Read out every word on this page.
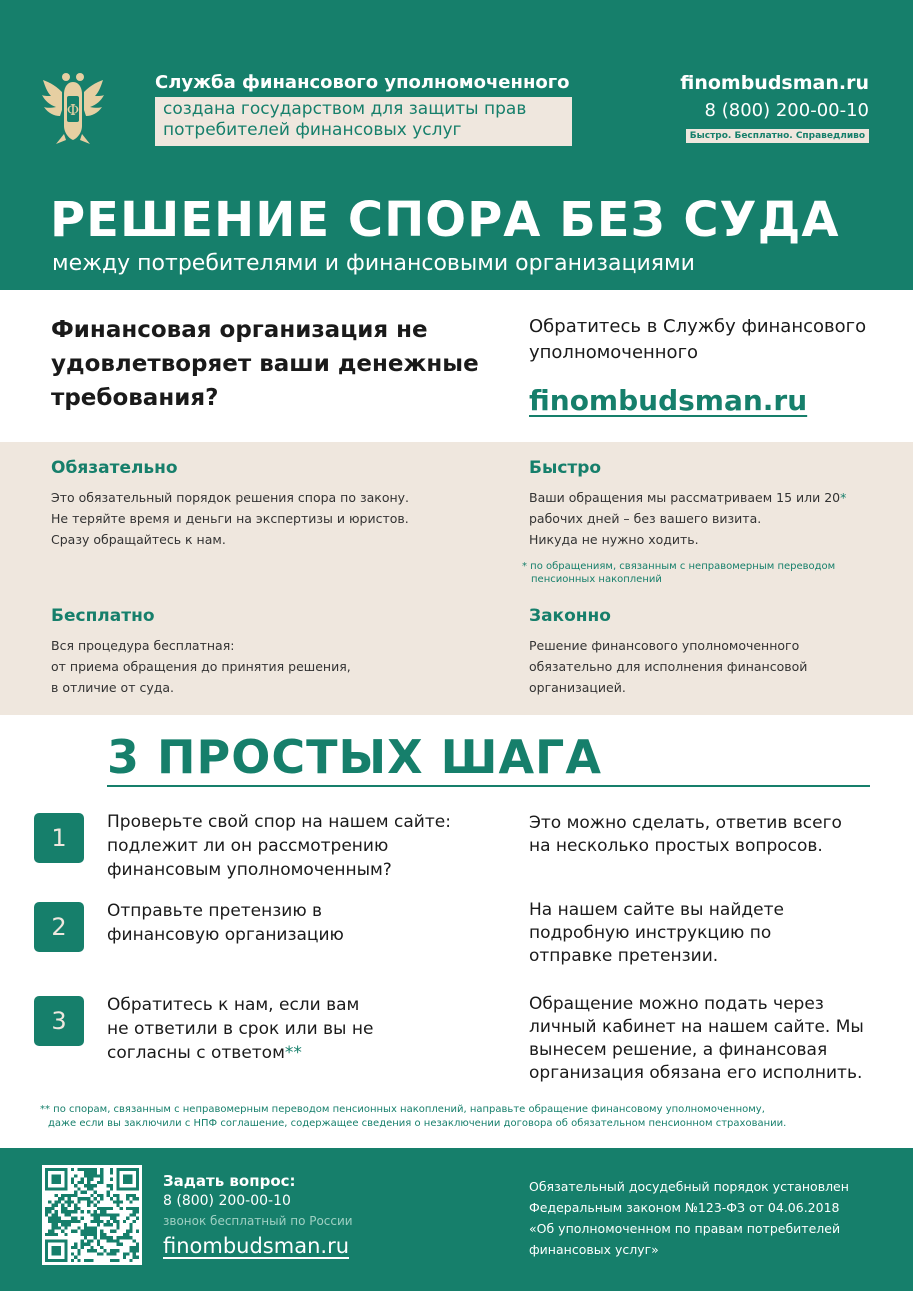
Ф
Служба финансового уполномоченного
создана государством для защиты прав потребителей финансовых услуг
finombudsman.ru
8 (800) 200-00-10
Быстро. Бесплатно. Справедливо
РЕШЕНИЕ СПОРА БЕЗ СУДА
между потребителями и финансовыми организациями
Финансовая организация не удовлетворяет ваши денежные требования?
Обратитесь в Службу финансового уполномоченного
finombudsman.ru
Обязательно

Это обязательный порядок решения спора по закону.
Не теряйте время и деньги на экспертизы и юристов.
Сразу обращайтесь к нам.

Быстро

Ваши обращения мы рассматриваем 15 или 20*
рабочих дней – без вашего визита.
Никуда не нужно ходить.

* по обращениям, связанным с неправомерным переводом
пенсионных накоплений
Бесплатно

Вся процедура бесплатная:
от приема обращения до принятия решения,
в отличие от суда.

Законно

Решение финансового уполномоченного
обязательно для исполнения финансовой
организацией.

3 ПРОСТЫХ ШАГА
1
Проверьте свой спор на нашем сайте: подлежит ли он рассмотрению финансовым уполномоченным?
Это можно сделать, ответив всего на несколько простых вопросов.
2
Отправьте претензию в финансовую организацию
На нашем сайте вы найдете подробную инструкцию по отправке претензии.
3
Обратитесь к нам, если вам не ответили в срок или вы не согласны с ответом**
Обращение можно подать через личный кабинет на нашем сайте. Мы вынесем решение, а финансовая организация обязана его исполнить.
** по спорам, связанным с неправомерным переводом пенсионных накоплений, направьте обращение финансовому уполномоченному,
даже если вы заключили с НПФ соглашение, содержащее сведения о незаключении договора об обязательном пенсионном страховании.
Задать вопрос:
8 (800) 200-00-10
звонок бесплатный по России
finombudsman.ru
Обязательный досудебный порядок установлен
Федеральным законом №123-ФЗ от 04.06.2018
«Об уполномоченном по правам потребителей
финансовых услуг»
